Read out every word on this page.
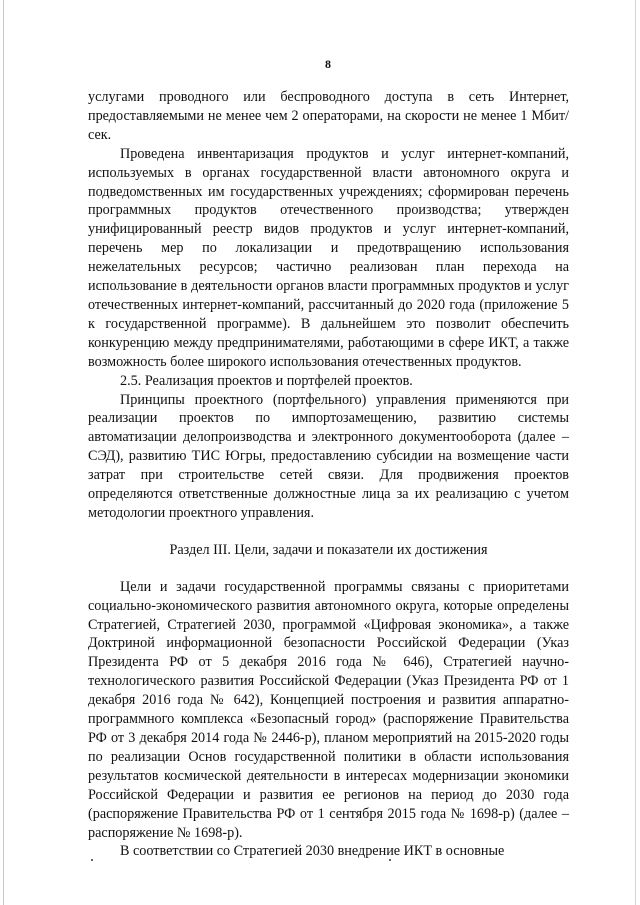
8

услугами проводного или беспроводного доступа в сеть Интернет, предоставляемыми не менее чем 2 операторами, на скорости не менее 1 Мбит/сек.

Проведена инвентаризация продуктов и услуг интернет-компаний, используемых в органах государственной власти автономного округа и подведомственных им государственных учреждениях; сформирован перечень программных продуктов отечественного производства; утвержден унифицированный реестр видов продуктов и услуг интернет-компаний, перечень мер по локализации и предотвращению использования нежелательных ресурсов; частично реализован план перехода на использование в деятельности органов власти программных продуктов и услуг отечественных интернет-компаний, рассчитанный до 2020 года (приложение 5 к государственной программе). В дальнейшем это позволит обеспечить конкуренцию между предпринимателями, работающими в сфере ИКТ, а также возможность более широкого использования отечественных продуктов.

2.5. Реализация проектов и портфелей проектов.

Принципы проектного (портфельного) управления применяются при реализации проектов по импортозамещению, развитию системы автоматизации делопроизводства и электронного документооборота (далее – СЭД), развитию ТИС Югры, предоставлению субсидии на возмещение части затрат при строительстве сетей связи. Для продвижения проектов определяются ответственные должностные лица за их реализацию с учетом методологии проектного управления.

Раздел III. Цели, задачи и показатели их достижения

Цели и задачи государственной программы связаны с приоритетами социально-экономического развития автономного округа, которые определены Стратегией, Стратегией 2030, программой «Цифровая экономика», а также Доктриной информационной безопасности Российской Федерации (Указ Президента РФ от 5 декабря 2016 года № 646), Стратегией научно-технологического развития Российской Федерации (Указ Президента РФ от 1 декабря 2016 года № 642), Концепцией построения и развития аппаратно-программного комплекса «Безопасный город» (распоряжение Правительства РФ от 3 декабря 2014 года № 2446-р), планом мероприятий на 2015-2020 годы по реализации Основ государственной политики в области использования результатов космической деятельности в интересах модернизации экономики Российской Федерации и развития ее регионов на период до 2030 года (распоряжение Правительства РФ от 1 сентября 2015 года № 1698-р) (далее – распоряжение № 1698-р).

В соответствии со Стратегией 2030 внедрение ИКТ в основные
